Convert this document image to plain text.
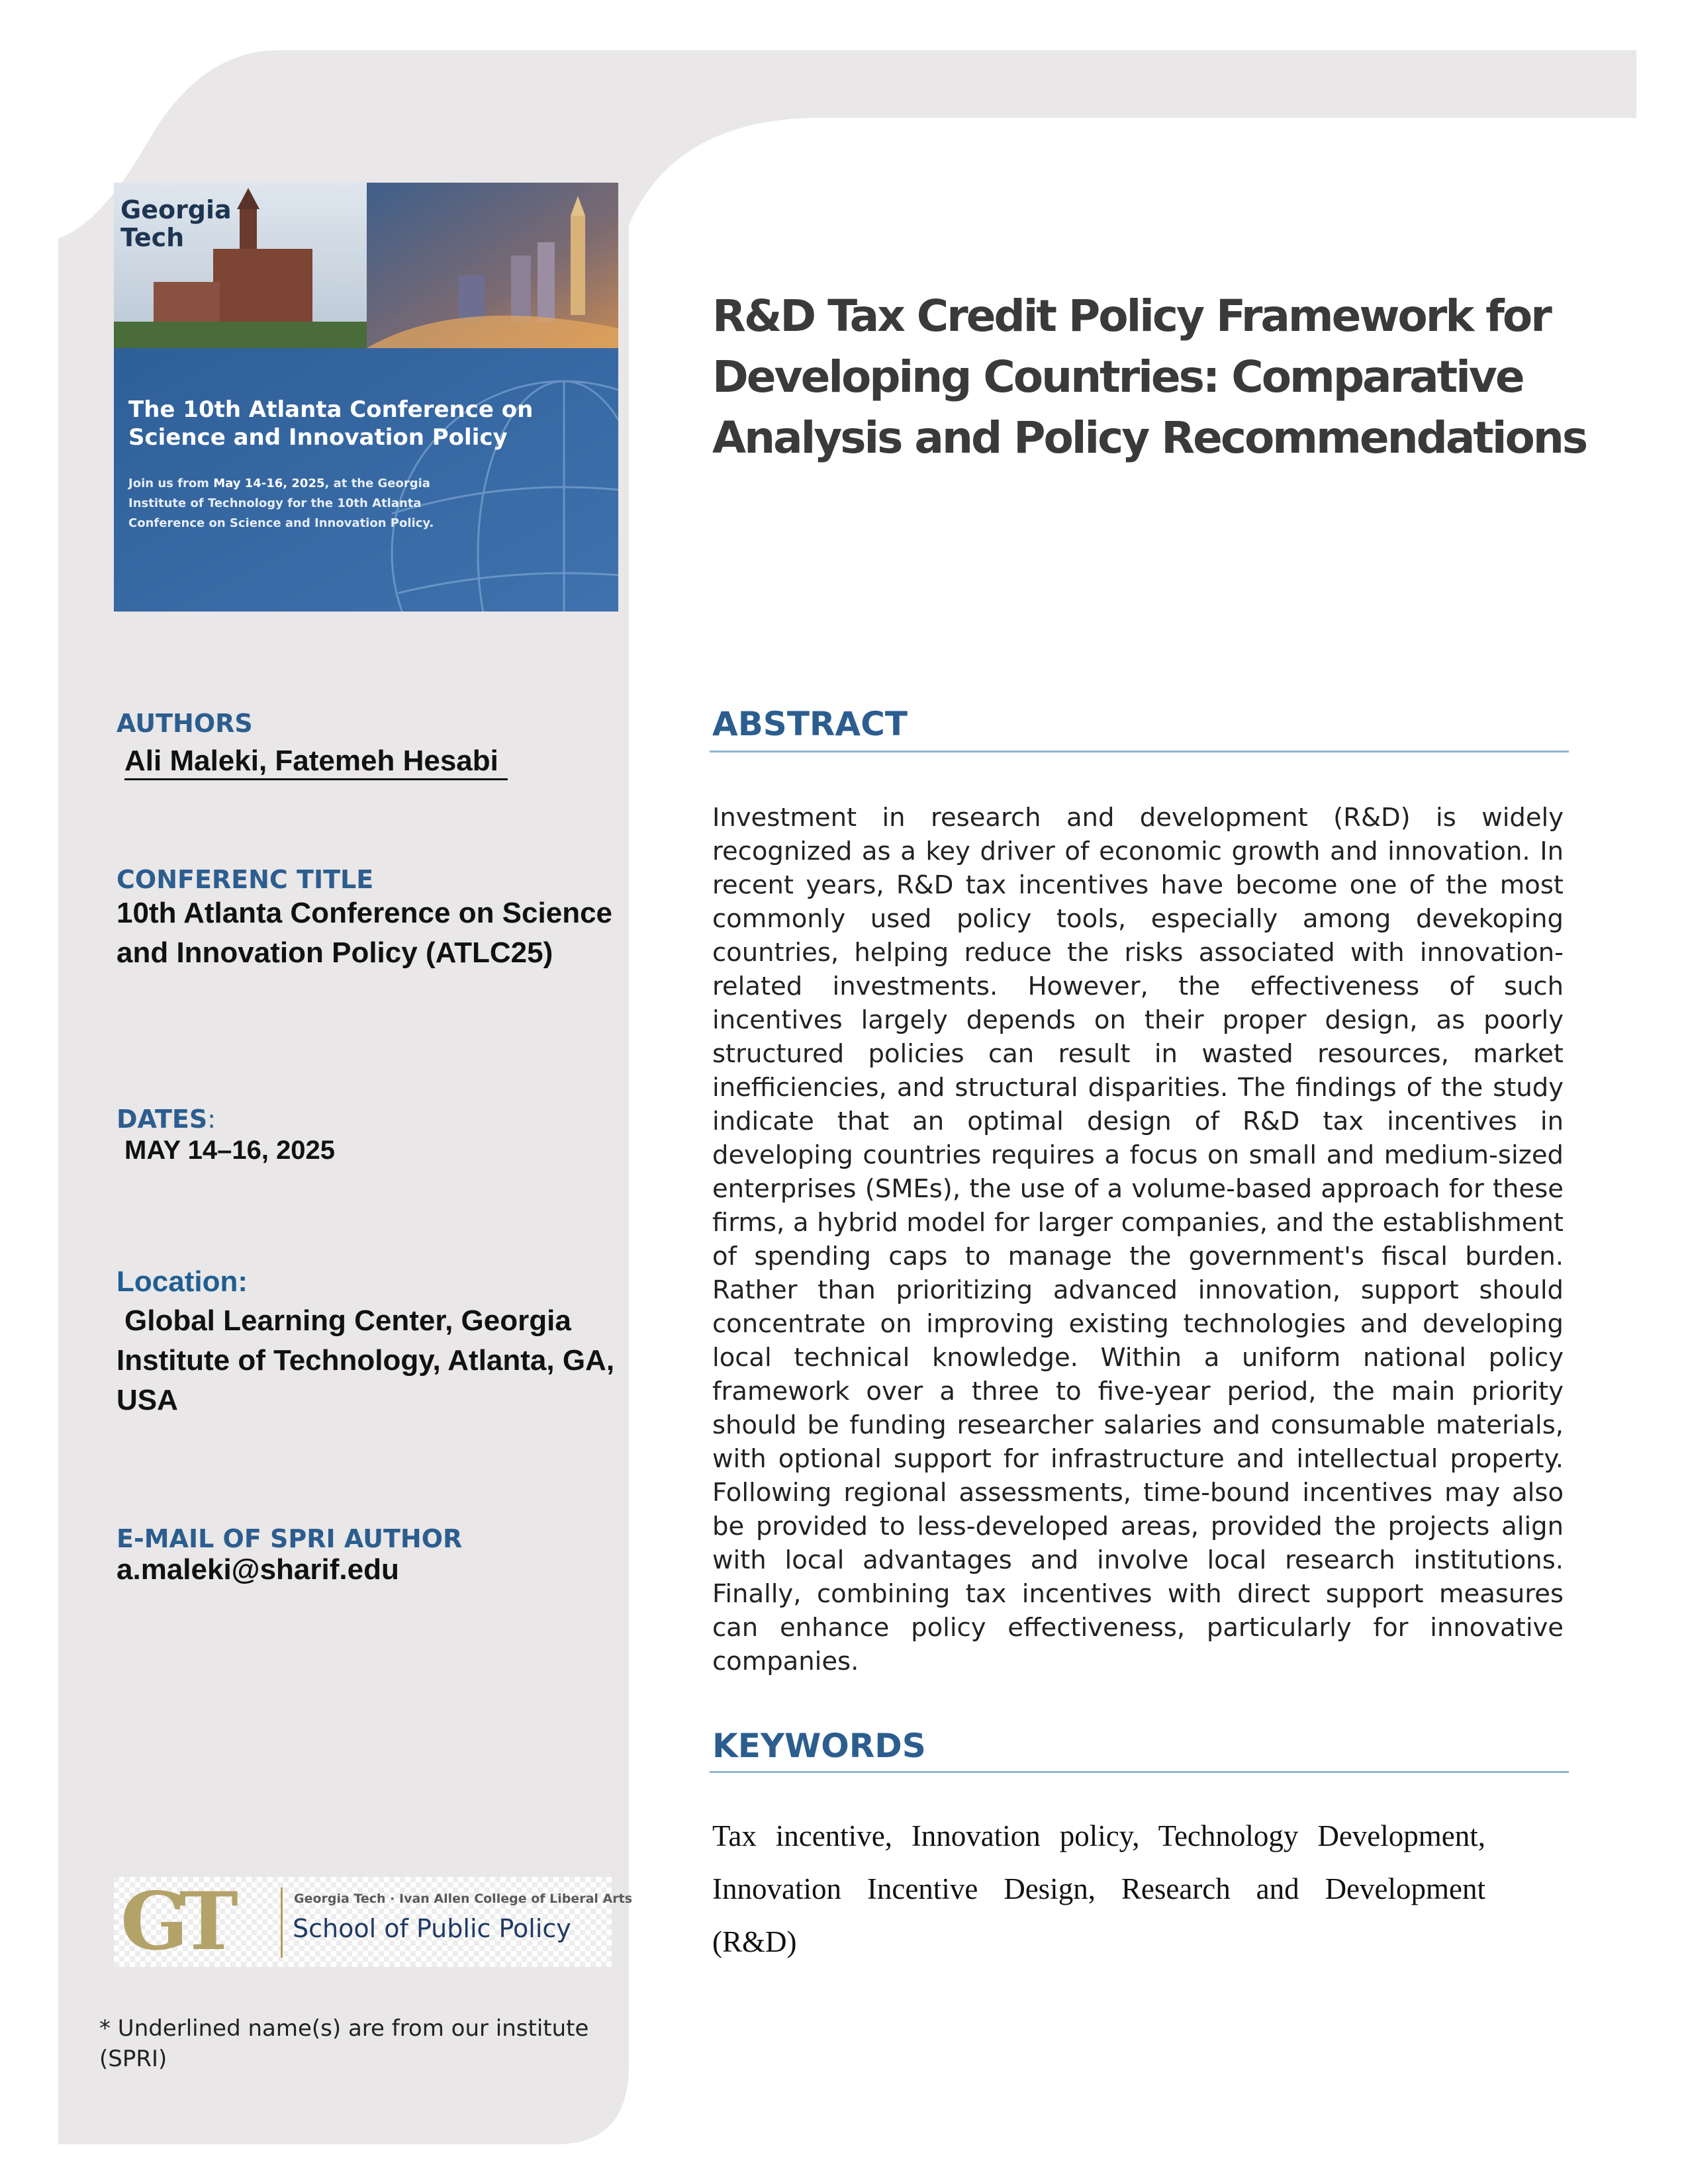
Georgia
Tech
The 10th Atlanta Conference on Science and Innovation Policy
Join us from May 14-16, 2025, at the Georgia Institute of Technology for the 10th Atlanta Conference on Science and Innovation Policy.
AUTHORS
Ali Maleki, Fatemeh Hesabi
CONFERENC TITLE
10th Atlanta Conference on Science and Innovation Policy (ATLC25)
DATES:
MAY 14–16, 2025
Location:
Global Learning Center, Georgia Institute of Technology, Atlanta, GA, USA
E-MAIL OF SPRI AUTHOR
a.maleki@sharif.edu
GT	Georgia Tech · Ivan Allen College of Liberal Arts
School of Public Policy
* Underlined name(s) are from our institute (SPRI)
R&D Tax Credit Policy Framework for Developing Countries: Comparative Analysis and Policy Recommendations
ABSTRACT
Investment in research and development (R&D) is widely recognized as a key driver of economic growth and innovation. In recent years, R&D tax incentives have become one of the most commonly used policy tools, especially among devekoping countries, helping reduce the risks associated with innovation-related investments. However, the effectiveness of such incentives largely depends on their proper design, as poorly structured policies can result in wasted resources, market inefficiencies, and structural disparities. The findings of the study indicate that an optimal design of R&D tax incentives in developing countries requires a focus on small and medium-sized enterprises (SMEs), the use of a volume-based approach for these firms, a hybrid model for larger companies, and the establishment of spending caps to manage the government's fiscal burden. Rather than prioritizing advanced innovation, support should concentrate on improving existing technologies and developing local technical knowledge. Within a uniform national policy framework over a three to five-year period, the main priority should be funding researcher salaries and consumable materials, with optional support for infrastructure and intellectual property. Following regional assessments, time-bound incentives may also be provided to less-developed areas, provided the projects align with local advantages and involve local research institutions. Finally, combining tax incentives with direct support measures can enhance policy effectiveness, particularly for innovative companies.
KEYWORDS
Tax incentive, Innovation policy, Technology Development, Innovation Incentive Design, Research and Development (R&D)
